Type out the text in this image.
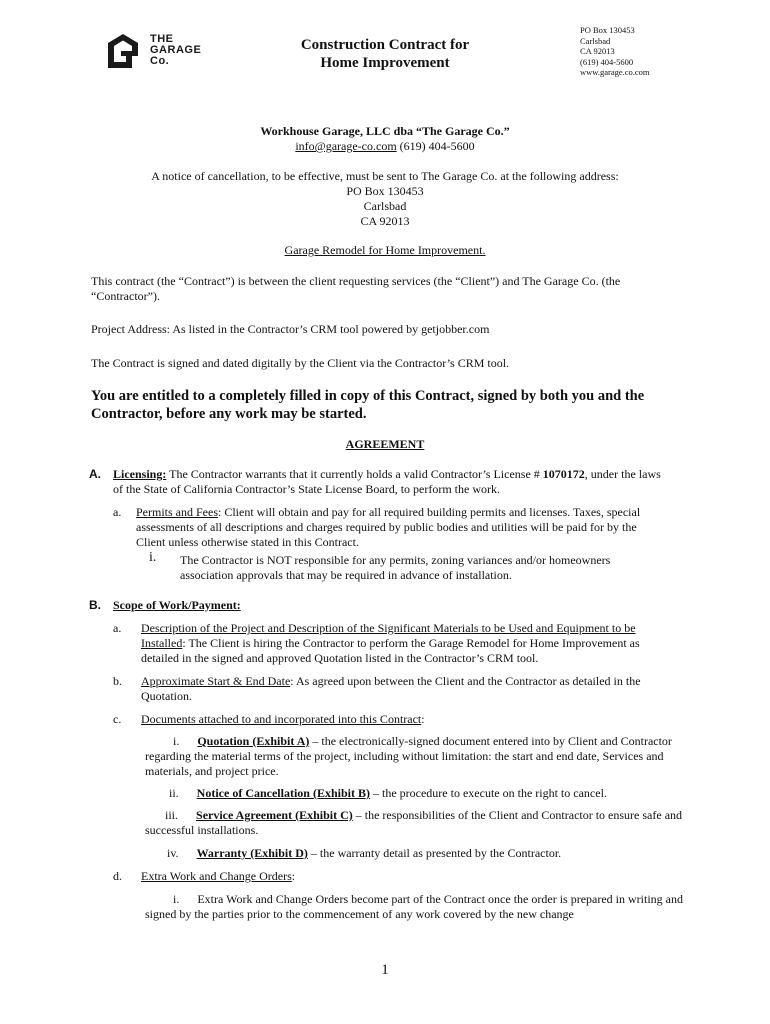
THE
GARAGE
Co.
Construction Contract for
Home Improvement
PO Box 130453
Carlsbad
CA 92013
(619) 404-5600
www.garage.co.com
Workhouse Garage, LLC dba “The Garage Co.”
info@garage-co.com (619) 404-5600
A notice of cancellation, to be effective, must be sent to The Garage Co. at the following address:
PO Box 130453
Carlsbad
CA 92013
Garage Remodel for Home Improvement.
This contract (the “Contract”) is between the client requesting services (the “Client”) and The Garage Co. (the “Contractor”).
Project Address: As listed in the Contractor’s CRM tool powered by getjobber.com
The Contract is signed and dated digitally by the Client via the Contractor’s CRM tool.
You are entitled to a completely filled in copy of this Contract, signed by both you and the Contractor, before any work may be started.
AGREEMENT
A. Licensing: The Contractor warrants that it currently holds a valid Contractor’s License # 1070172, under the laws of the State of California Contractor’s State License Board, to perform the work.
a. Permits and Fees: Client will obtain and pay for all required building permits and licenses. Taxes, special assessments of all descriptions and charges required by public bodies and utilities will be paid for by the Client unless otherwise stated in this Contract.
i. The Contractor is NOT responsible for any permits, zoning variances and/or homeowners association approvals that may be required in advance of installation.
B. Scope of Work/Payment:
a. Description of the Project and Description of the Significant Materials to be Used and Equipment to be Installed: The Client is hiring the Contractor to perform the Garage Remodel for Home Improvement as detailed in the signed and approved Quotation listed in the Contractor’s CRM tool.
b. Approximate Start & End Date: As agreed upon between the Client and the Contractor as detailed in the Quotation.
c. Documents attached to and incorporated into this Contract:
i. Quotation (Exhibit A) – the electronically-signed document entered into by Client and Contractor regarding the material terms of the project, including without limitation: the start and end date, Services and materials, and project price.
ii. Notice of Cancellation (Exhibit B) – the procedure to execute on the right to cancel.
iii. Service Agreement (Exhibit C) – the responsibilities of the Client and Contractor to ensure safe and successful installations.
iv. Warranty (Exhibit D) – the warranty detail as presented by the Contractor.
d. Extra Work and Change Orders:
i. Extra Work and Change Orders become part of the Contract once the order is prepared in writing and signed by the parties prior to the commencement of any work covered by the new change
1
